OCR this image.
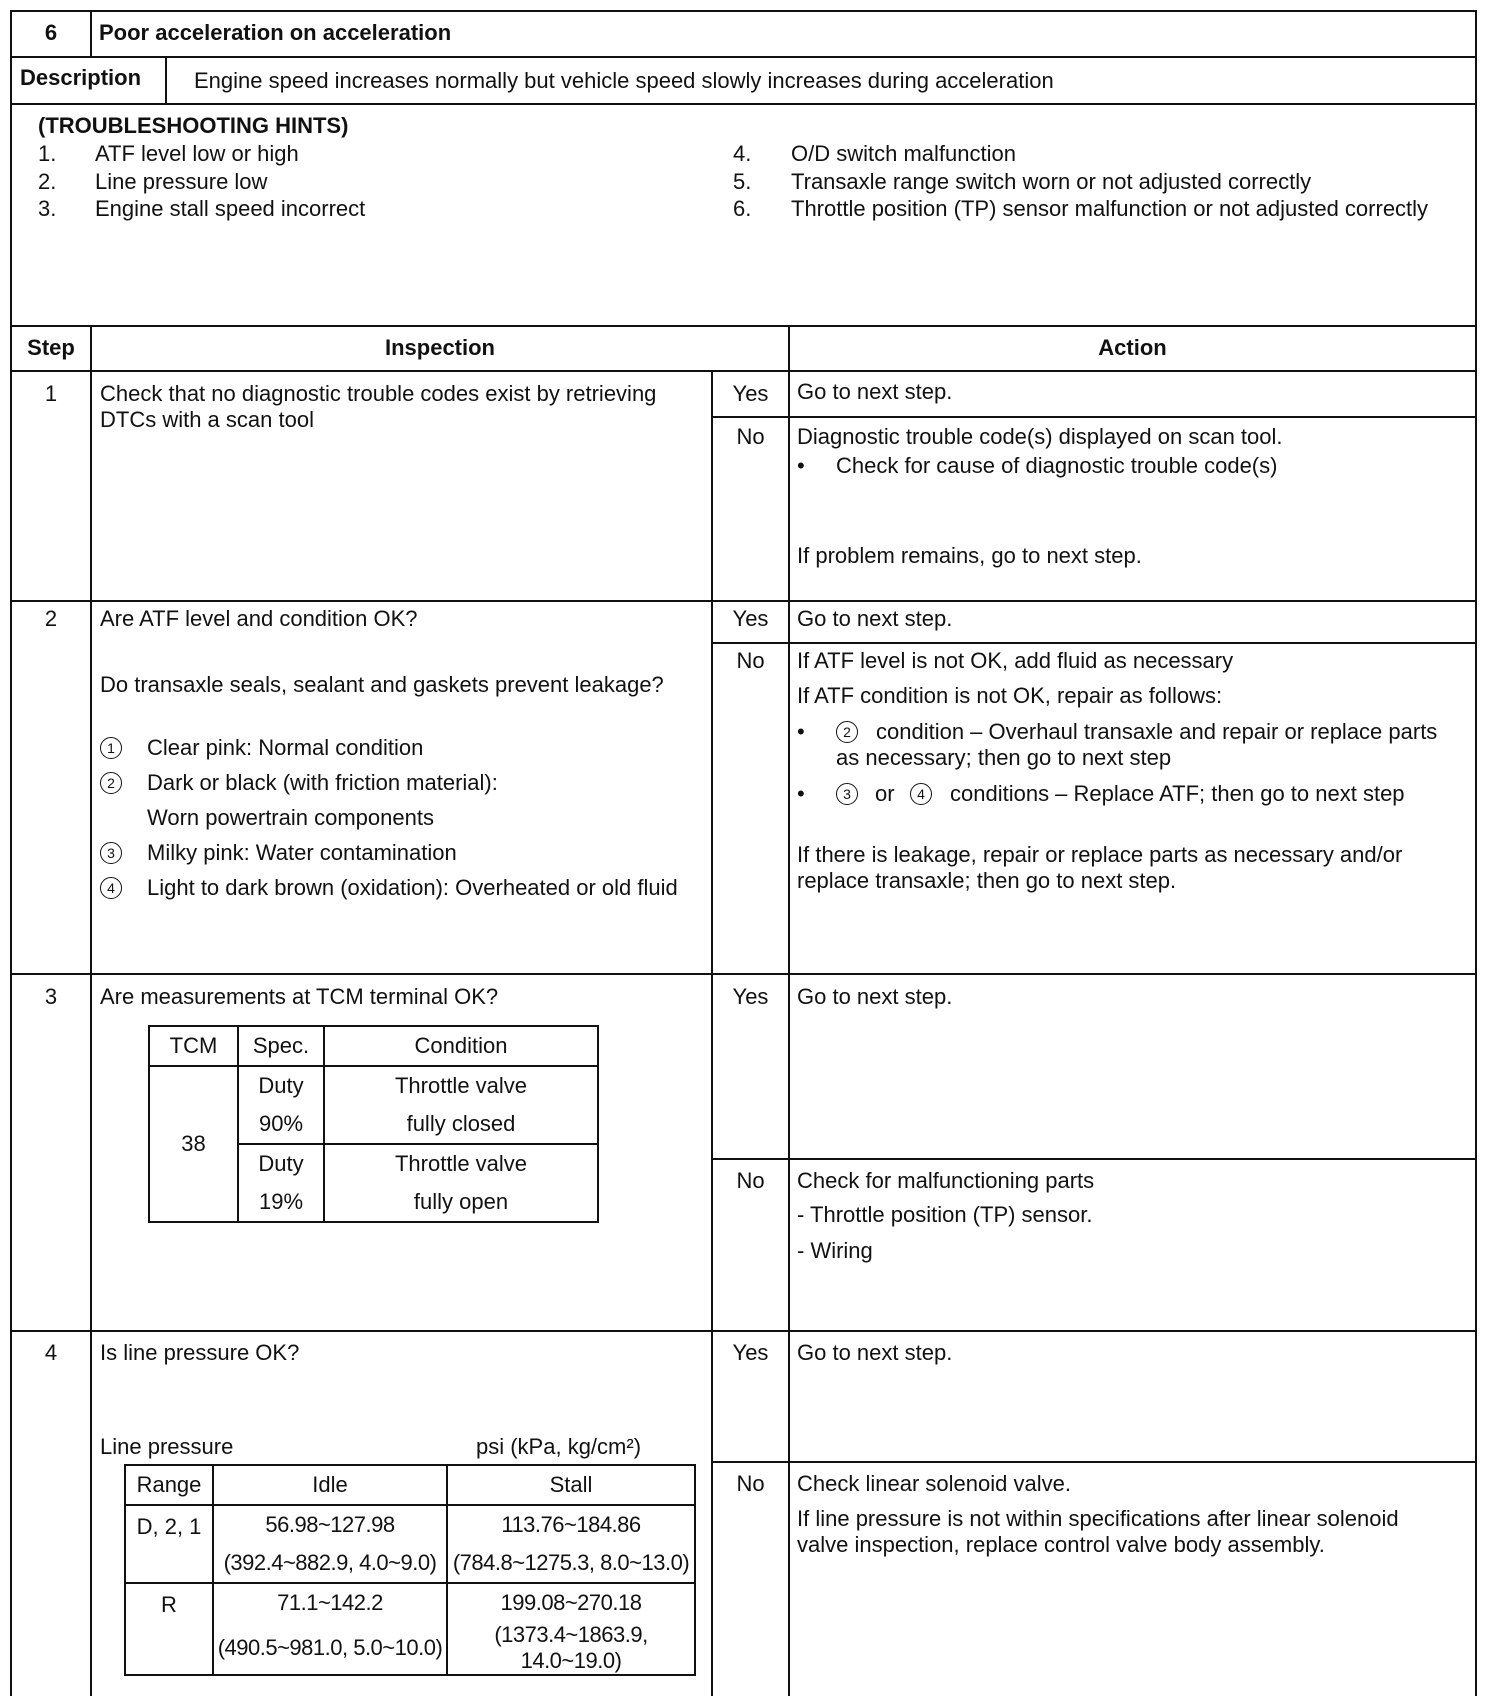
6	Poor acceleration on acceleration
Description Engine speed increases normally but vehicle speed slowly increases during acceleration
(TROUBLESHOOTING HINTS)
1. ATF level low or high
2. Line pressure low
3. Engine stall speed incorrect
4. O/D switch malfunction
5. Transaxle range switch worn or not adjusted correctly
6. Throttle position (TP) sensor malfunction or not adjusted correctly
Step	Inspection	Action
1	Check that no diagnostic trouble codes exist by retrieving DTCs with a scan tool
Yes	Go to next step.
No	Diagnostic trouble code(s) displayed on scan tool.
• Check for cause of diagnostic trouble code(s)
If problem remains, go to next step.
2	Are ATF level and condition OK?
Do transaxle seals, sealant and gaskets prevent leakage?
1	Clear pink: Normal condition
2	Dark or black (with friction material):
Worn powertrain components
3	Milky pink: Water contamination
4	Light to dark brown (oxidation): Overheated or old fluid
Yes	Go to next step.
No	If ATF level is not OK, add fluid as necessary
If ATF condition is not OK, repair as follows:
•	2	condition – Overhaul transaxle and repair or replace parts as necessary; then go to next step
•	3	or	4	conditions – Replace ATF; then go to next step
If there is leakage, repair or replace parts as necessary and/or replace transaxle; then go to next step.
3	Are measurements at TCM terminal OK?
TCM	Spec.	Condition
38	Duty	Throttle valve
	90%	fully closed
	Duty	Throttle valve
	19%	fully open
Yes	Go to next step.
No	Check for malfunctioning parts
- Throttle position (TP) sensor.
- Wiring
4	Is line pressure OK?
Line pressure	psi (kPa, kg/cm²)
Range	Idle	Stall
D, 2, 1	56.98~127.98	113.76~184.86
	(392.4~882.9, 4.0~9.0)	(784.8~1275.3, 8.0~13.0)
R	71.1~142.2	199.08~270.18
	(490.5~981.0, 5.0~10.0)	(1373.4~1863.9, 14.0~19.0)
Yes	Go to next step.
No	Check linear solenoid valve.
If line pressure is not within specifications after linear solenoid valve inspection, replace control valve body assembly.
